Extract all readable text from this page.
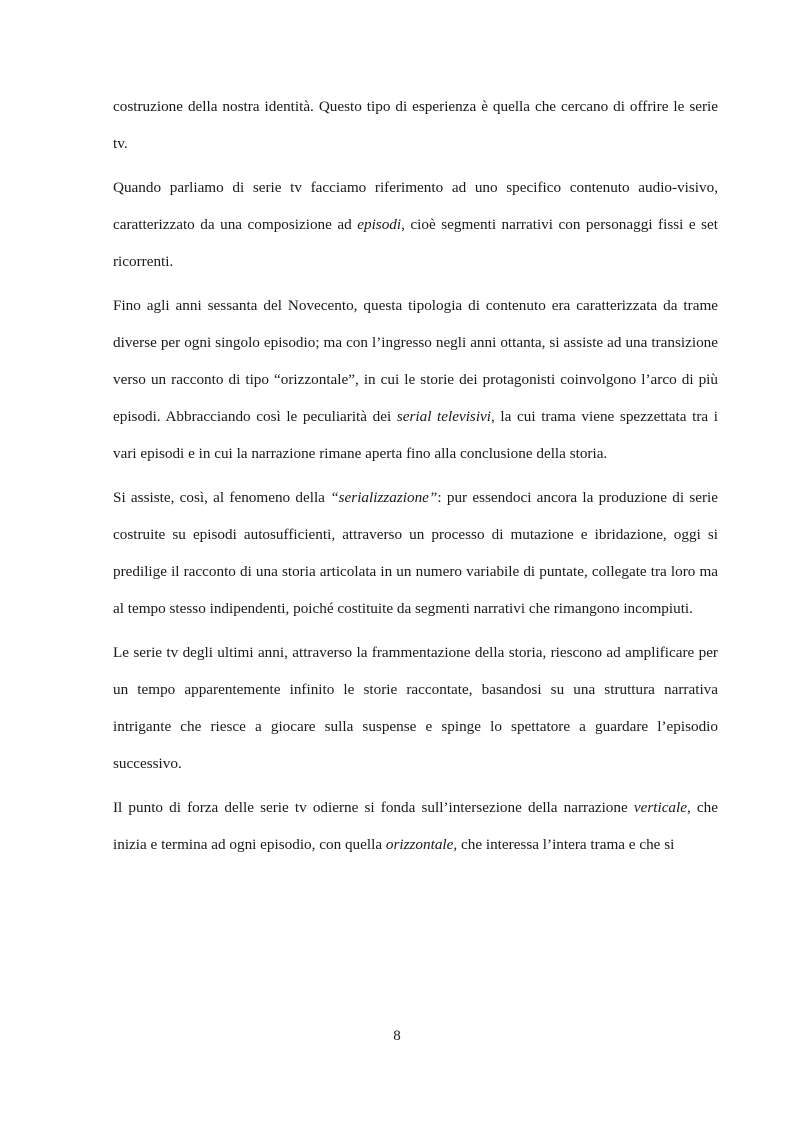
costruzione della nostra identità. Questo tipo di esperienza è quella che cercano di offrire le serie tv.

Quando parliamo di serie tv facciamo riferimento ad uno specifico contenuto audio-visivo, caratterizzato da una composizione ad episodi, cioè segmenti narrativi con personaggi fissi e set ricorrenti.

Fino agli anni sessanta del Novecento, questa tipologia di contenuto era caratterizzata da trame diverse per ogni singolo episodio; ma con l’ingresso negli anni ottanta, si assiste ad una transizione verso un racconto di tipo “orizzontale”, in cui le storie dei protagonisti coinvolgono l’arco di più episodi. Abbracciando così le peculiarità dei serial televisivi, la cui trama viene spezzettata tra i vari episodi e in cui la narrazione rimane aperta fino alla conclusione della storia.

Si assiste, così, al fenomeno della “serializzazione”: pur essendoci ancora la produzione di serie costruite su episodi autosufficienti, attraverso un processo di mutazione e ibridazione, oggi si predilige il racconto di una storia articolata in un numero variabile di puntate, collegate tra loro ma al tempo stesso indipendenti, poiché costituite da segmenti narrativi che rimangono incompiuti.

Le serie tv degli ultimi anni, attraverso la frammentazione della storia, riescono ad amplificare per un tempo apparentemente infinito le storie raccontate, basandosi su una struttura narrativa intrigante che riesce a giocare sulla suspense e spinge lo spettatore a guardare l’episodio successivo.

Il punto di forza delle serie tv odierne si fonda sull’intersezione della narrazione verticale, che inizia e termina ad ogni episodio, con quella orizzontale, che interessa l’intera trama e che si

8
